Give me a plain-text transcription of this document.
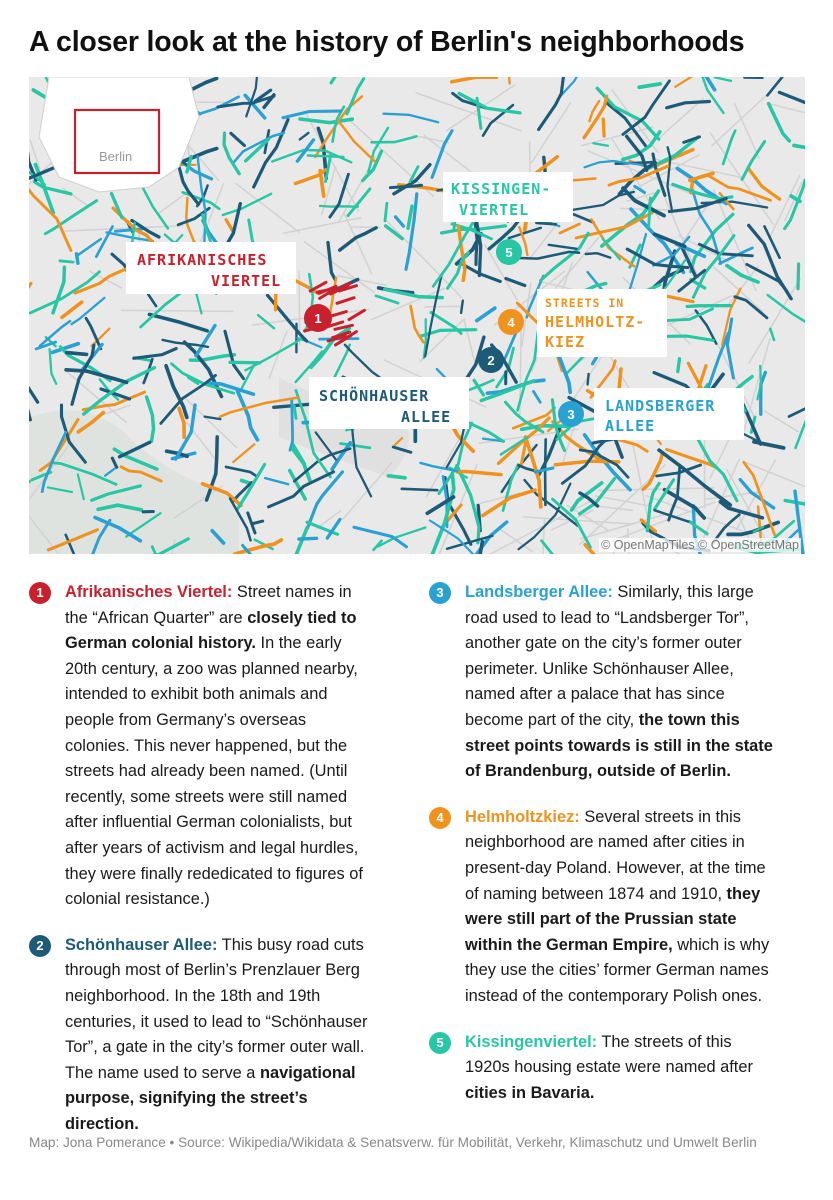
A closer look at the history of Berlin's neighborhoods
Berlin
KISSINGEN-
VIERTEL
AFRIKANISCHES
VIERTEL
STREETS IN
HELMHOLTZ-
KIEZ
SCHÖNHAUSER
ALLEE
LANDSBERGER
ALLEE
1
2
3
4
5
© OpenMapTiles © OpenStreetMap
1	Afrikanisches Viertel: Street names in the “African Quarter” are closely tied to German colonial history. In the early 20th century, a zoo was planned nearby, intended to exhibit both animals and people from Germany’s overseas colonies. This never happened, but the streets had already been named. (Until recently, some streets were still named after influential German colonialists, but after years of activism and legal hurdles, they were finally rededicated to figures of colonial resistance.)
2	Schönhauser Allee: This busy road cuts through most of Berlin’s Prenzlauer Berg neighborhood. In the 18th and 19th centuries, it used to lead to “Schönhauser Tor”, a gate in the city’s former outer wall. The name used to serve a navigational purpose, signifying the street’s direction.
3	Landsberger Allee: Similarly, this large road used to lead to “Landsberger Tor”, another gate on the city’s former outer perimeter. Unlike Schönhauser Allee, named after a palace that has since become part of the city, the town this street points towards is still in the state of Brandenburg, outside of Berlin.
4	Helmholtzkiez: Several streets in this neighborhood are named after cities in present-day Poland. However, at the time of naming between 1874 and 1910, they were still part of the Prussian state within the German Empire, which is why they use the cities’ former German names instead of the contemporary Polish ones.
5	Kissingenviertel: The streets of this 1920s housing estate were named after cities in Bavaria.
Map: Jona Pomerance • Source: Wikipedia/Wikidata & Senatsverw. für Mobilität, Verkehr, Klimaschutz und Umwelt Berlin
